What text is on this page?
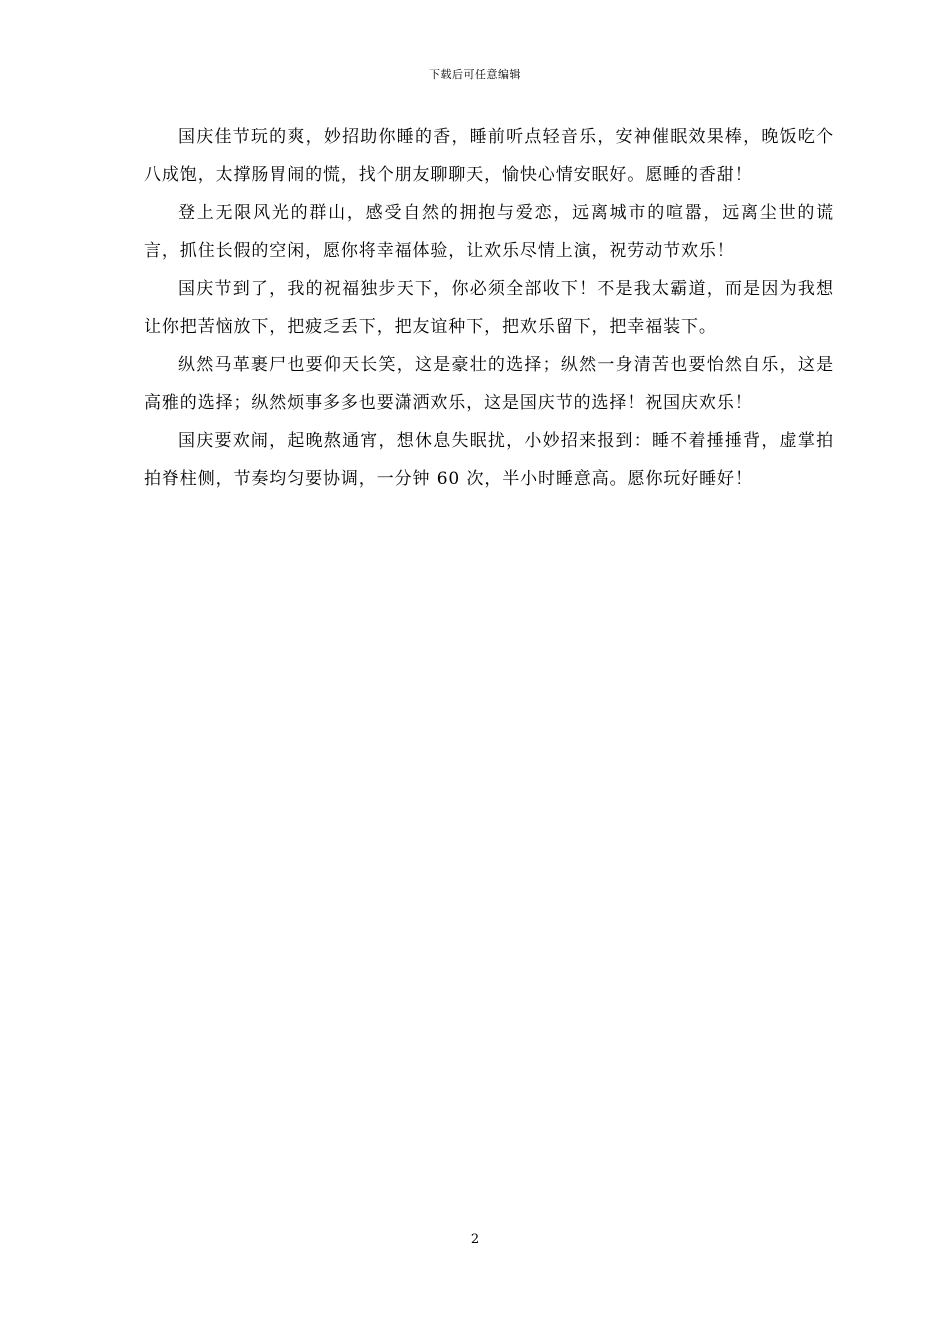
下载后可任意编辑

国庆佳节玩的爽，妙招助你睡的香，睡前听点轻音乐，安神催眠效果棒，晚饭吃个八成饱，太撑肠胃闹的慌，找个朋友聊聊天，愉快心情安眠好。愿睡的香甜！

登上无限风光的群山，感受自然的拥抱与爱恋，远离城市的喧嚣，远离尘世的谎言，抓住长假的空闲，愿你将幸福体验，让欢乐尽情上演，祝劳动节欢乐！

国庆节到了，我的祝福独步天下，你必须全部收下！不是我太霸道，而是因为我想让你把苦恼放下，把疲乏丢下，把友谊种下，把欢乐留下，把幸福装下。

纵然马革裹尸也要仰天长笑，这是豪壮的选择；纵然一身清苦也要怡然自乐，这是高雅的选择；纵然烦事多多也要潇洒欢乐，这是国庆节的选择！祝国庆欢乐！

国庆要欢闹，起晚熬通宵，想休息失眠扰，小妙招来报到：睡不着捶捶背，虚掌拍拍脊柱侧，节奏均匀要协调，一分钟 60 次，半小时睡意高。愿你玩好睡好！

2
